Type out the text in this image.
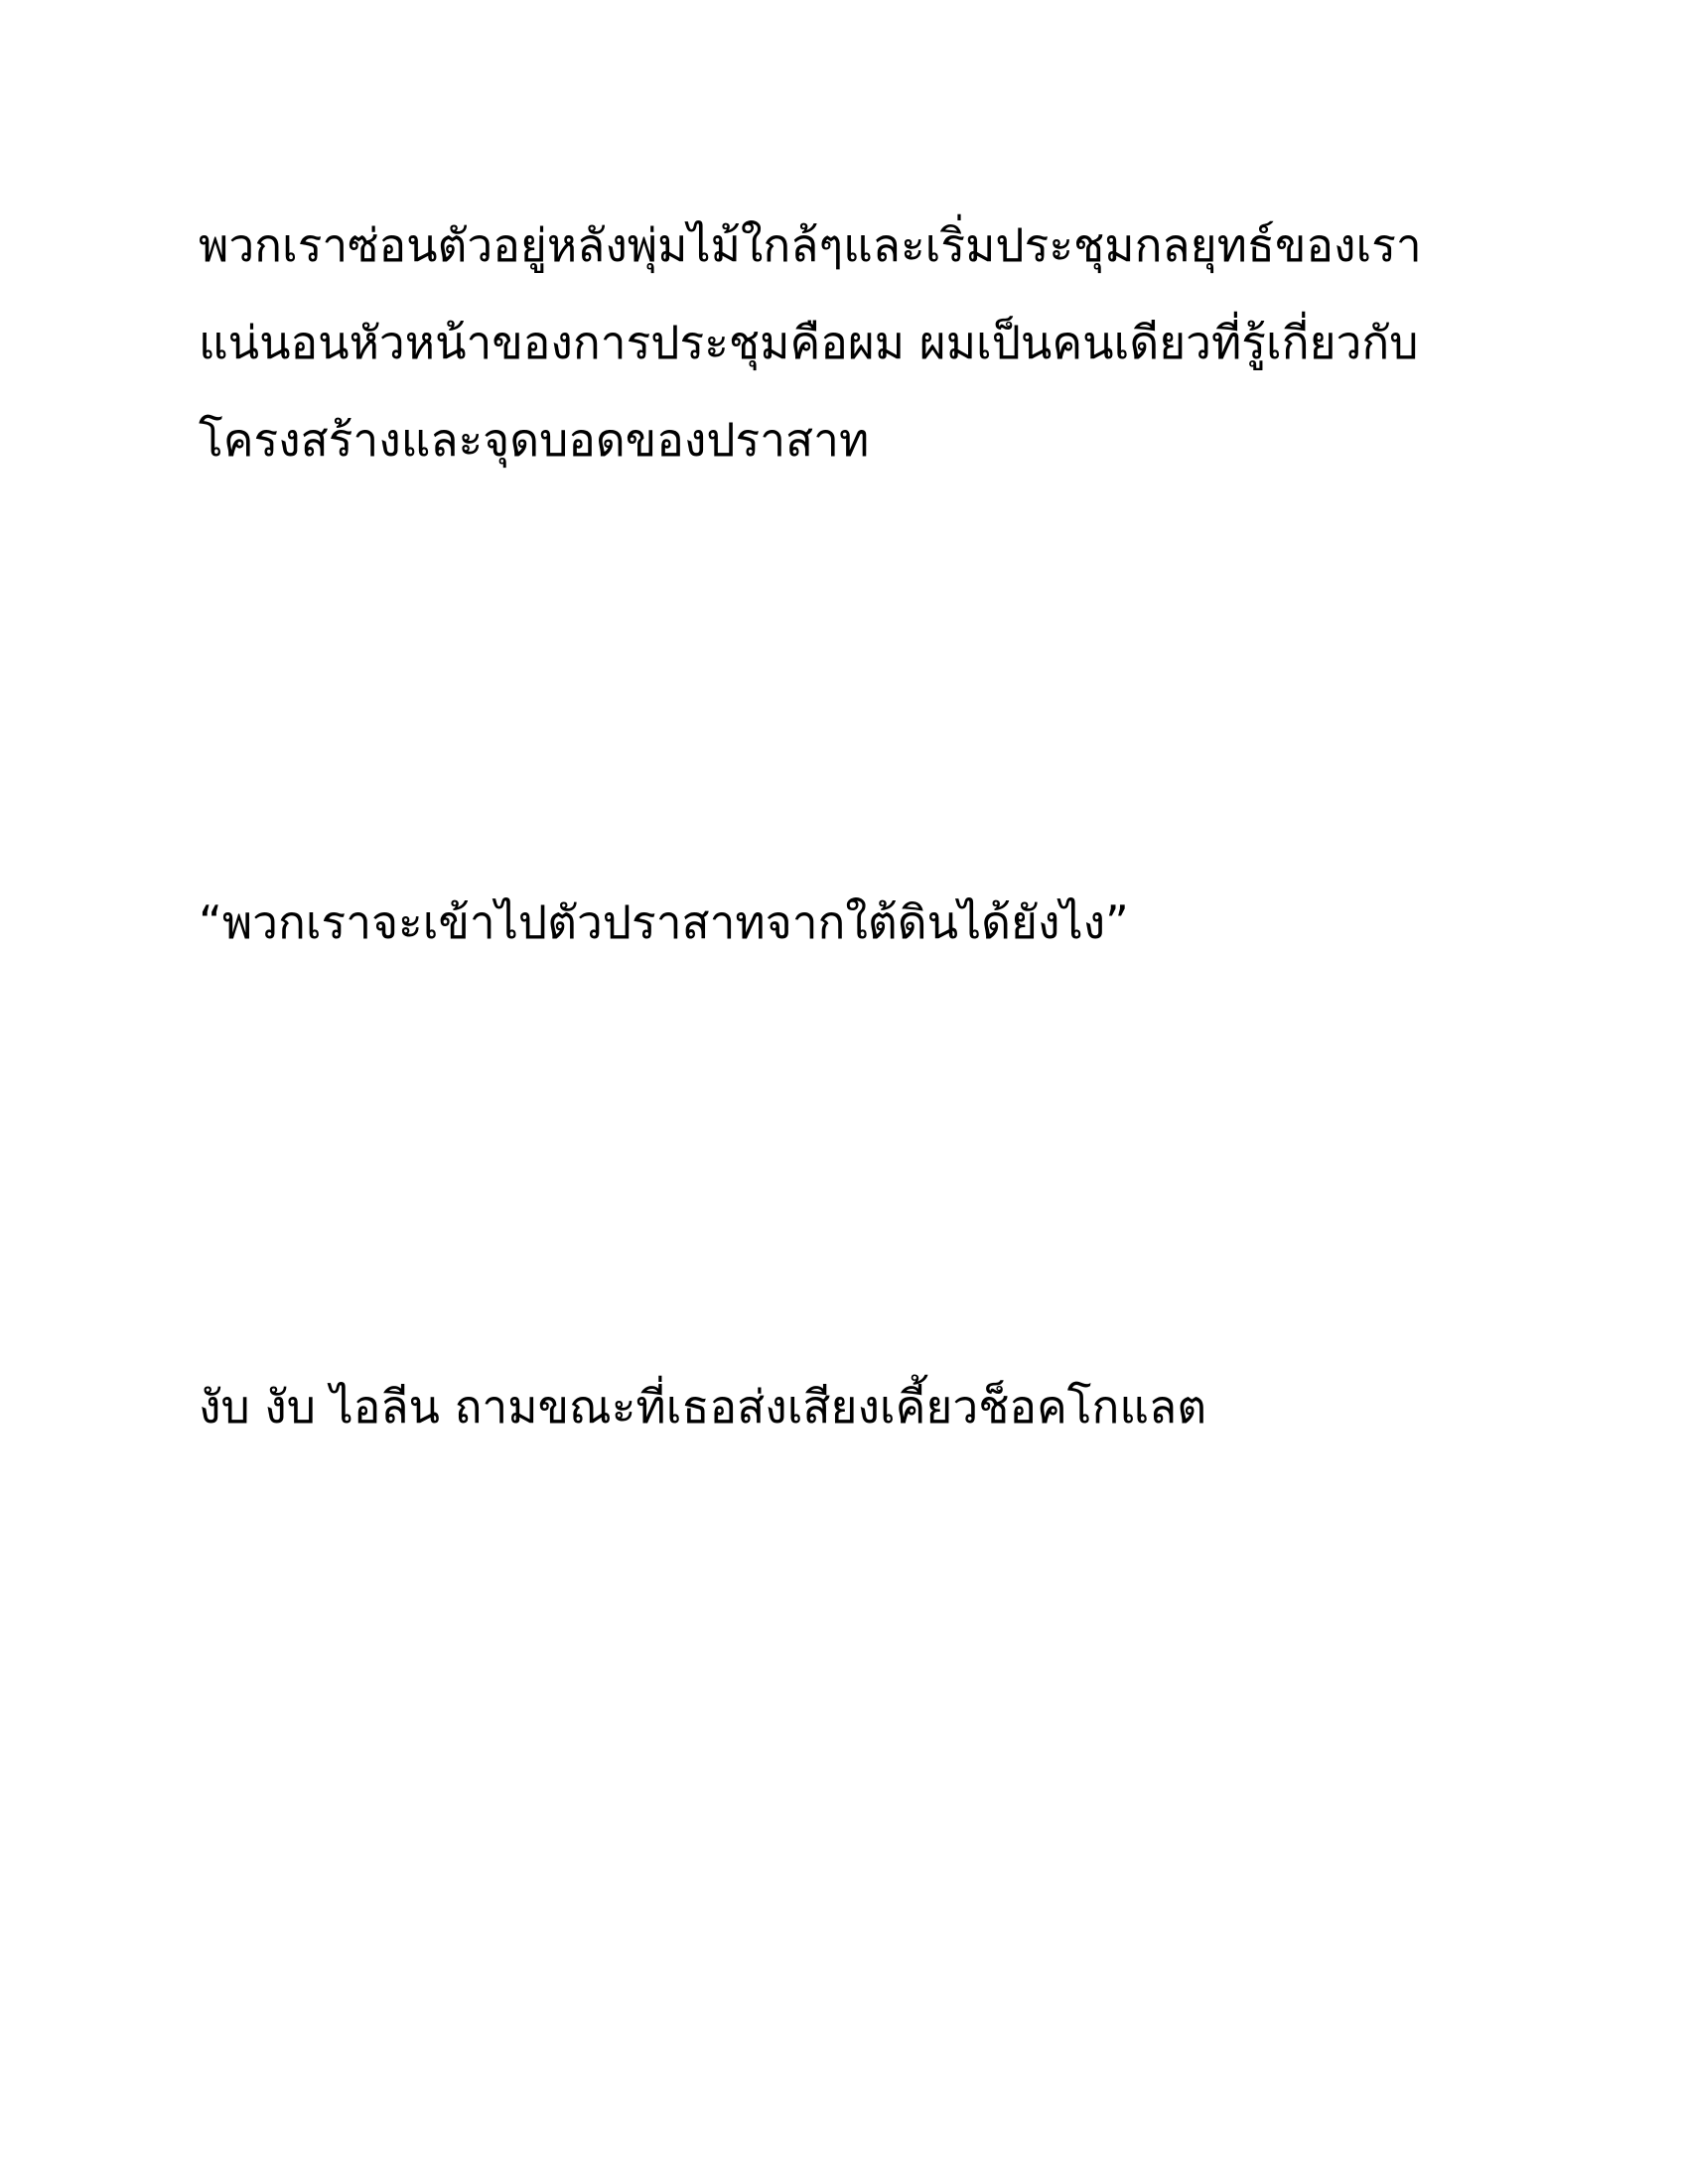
พวกเราซ่อนตัวอยู่หลังพุ่มไม้ใกล้ๆและเริ่มประชุมกลยุทธ์ของเรา แน่นอนหัวหน้าของการประชุมคือผม ผมเป็นคนเดียวที่รู้เกี่ยวกับโครงสร้างและจุดบอดของปราสาท

“พวกเราจะเข้าไปตัวปราสาทจากใต้ดินได้ยังไง”

งับ งับ ไอลีน ถามขณะที่เธอส่งเสียงเคี้ยวช็อคโกแลต
